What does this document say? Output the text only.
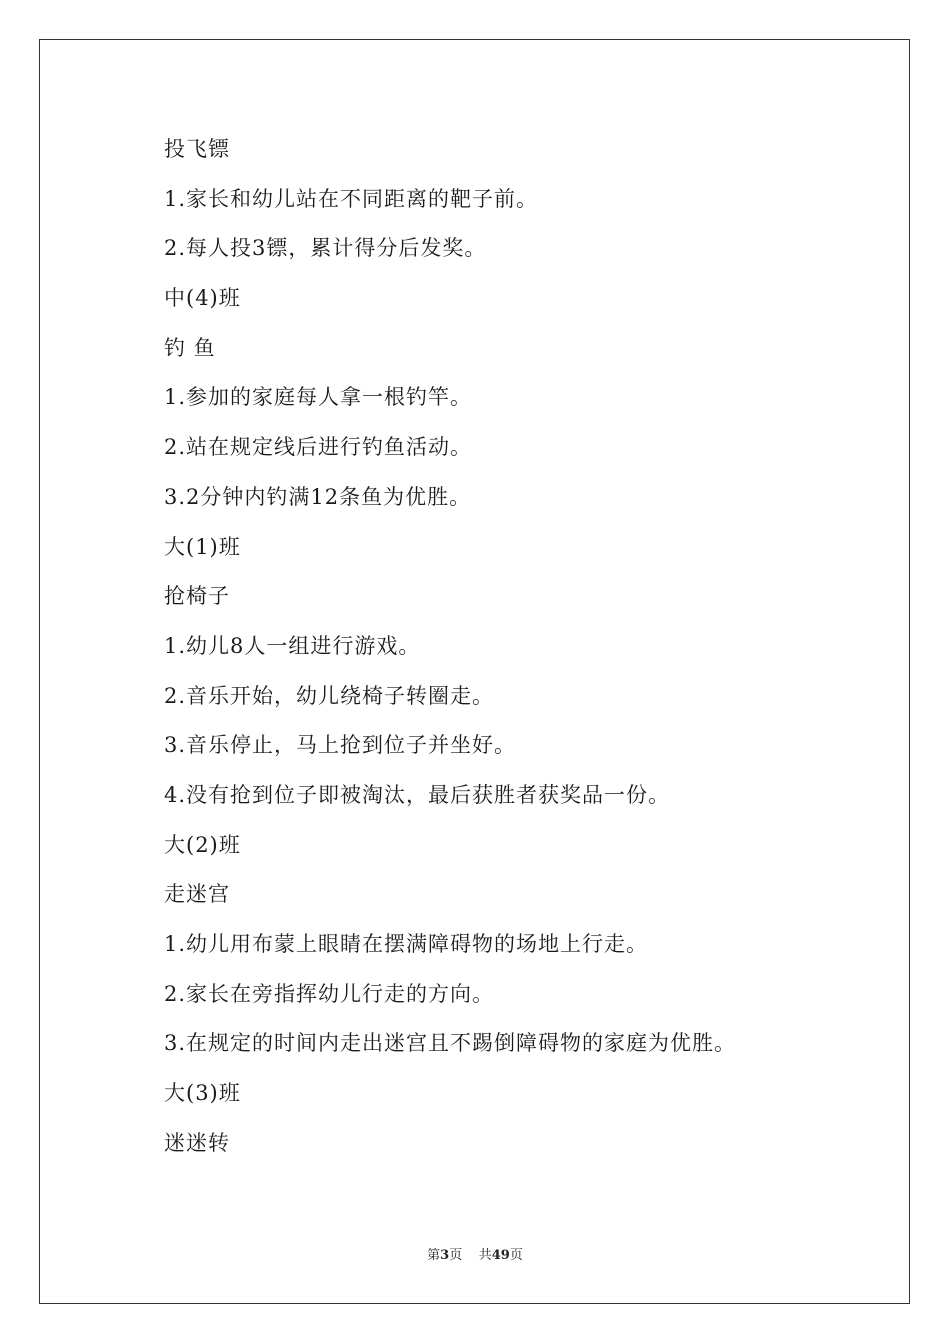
投飞镖
1.家长和幼儿站在不同距离的靶子前。
2.每人投3镖，累计得分后发奖。
中(4)班
钓 鱼
1.参加的家庭每人拿一根钓竿。
2.站在规定线后进行钓鱼活动。
3.2分钟内钓满12条鱼为优胜。
大(1)班
抢椅子
1.幼儿8人一组进行游戏。
2.音乐开始，幼儿绕椅子转圈走。
3.音乐停止，马上抢到位子并坐好。
4.没有抢到位子即被淘汰，最后获胜者获奖品一份。
大(2)班
走迷宫
1.幼儿用布蒙上眼睛在摆满障碍物的场地上行走。
2.家长在旁指挥幼儿行走的方向。
3.在规定的时间内走出迷宫且不踢倒障碍物的家庭为优胜。
大(3)班
迷迷转
第3页 共49页
